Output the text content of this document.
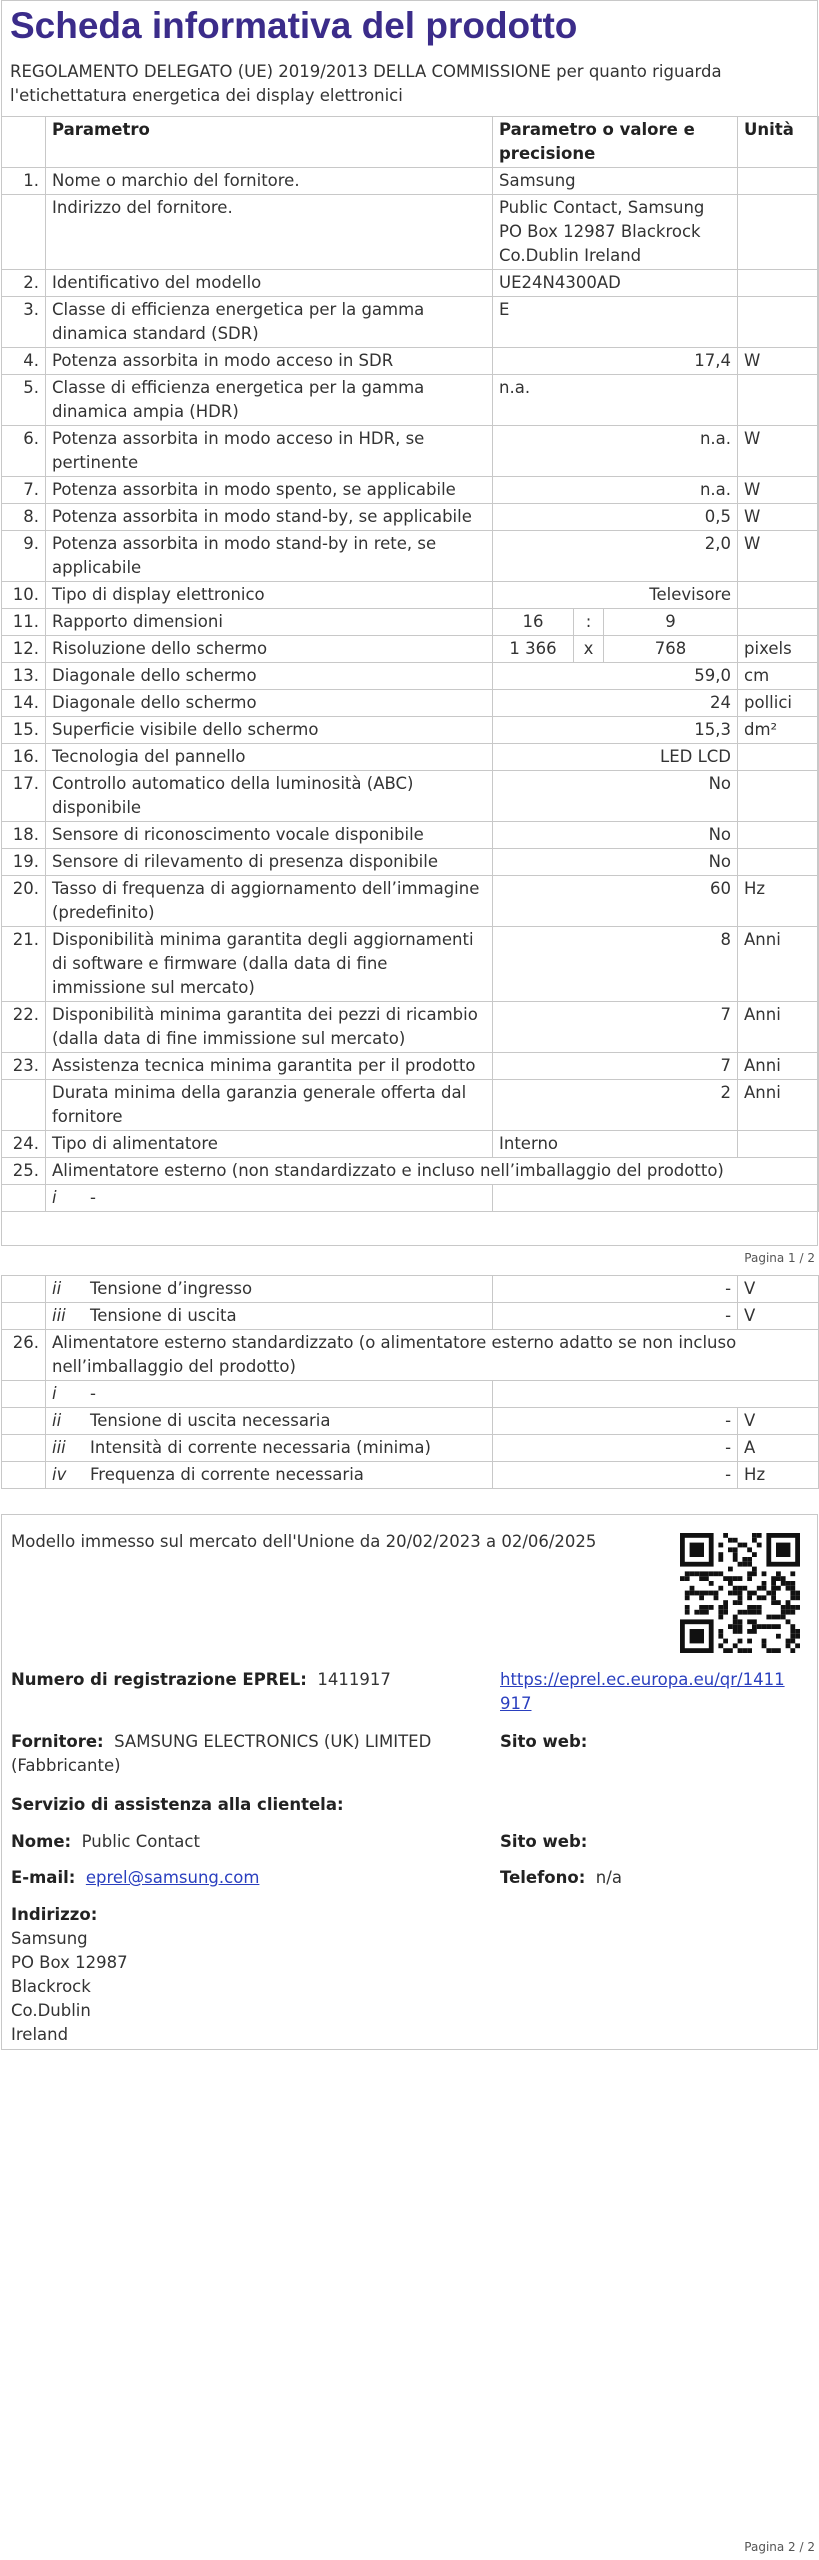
Scheda informativa del prodotto
REGOLAMENTO DELEGATO (UE) 2019/2013 DELLA COMMISSIONE per quanto riguarda l'etichettatura energetica dei display elettronici
	Parametro	Parametro o valore e precisione			Unità
1.	Nome o marchio del fornitore.	Samsung			
	Indirizzo del fornitore.	Public Contact, Samsung PO Box 12987 Blackrock Co.Dublin Ireland			
2.	Identificativo del modello	UE24N4300AD			
3.	Classe di efficienza energetica per la gamma dinamica standard (SDR)	E			
4.	Potenza assorbita in modo acceso in SDR	17,4			W
5.	Classe di efficienza energetica per la gamma dinamica ampia (HDR)	n.a.			
6.	Potenza assorbita in modo acceso in HDR, se pertinente	n.a.			W
7.	Potenza assorbita in modo spento, se applicabile	n.a.			W
8.	Potenza assorbita in modo stand-by, se applicabile	0,5			W
9.	Potenza assorbita in modo stand-by in rete, se applicabile	2,0			W
10.	Tipo di display elettronico	Televisore			
11.	Rapporto dimensioni	16	:	9	
12.	Risoluzione dello schermo	1 366	x	768	pixels
13.	Diagonale dello schermo	59,0			cm
14.	Diagonale dello schermo	24			pollici
15.	Superficie visibile dello schermo	15,3			dm²
16.	Tecnologia del pannello	LED LCD			
17.	Controllo automatico della luminosità (ABC) disponibile	No			
18.	Sensore di riconoscimento vocale disponibile	No			
19.	Sensore di rilevamento di presenza disponibile	No			
20.	Tasso di frequenza di aggiornamento dell’immagine (predefinito)	60			Hz
21.	Disponibilità minima garantita degli aggiornamenti di software e firmware (dalla data di fine immissione sul mercato)	8			Anni
22.	Disponibilità minima garantita dei pezzi di ricambio (dalla data di fine immissione sul mercato)	7			Anni
23.	Assistenza tecnica minima garantita per il prodotto	7			Anni
	Durata minima della garanzia generale offerta dal fornitore	2			Anni
24.	Tipo di alimentatore	Interno			
25.	Alimentatore esterno (non standardizzato e incluso nell’imballaggio del prodotto)				

	i -				

Pagina 1 / 2

	ii Tensione d’ingresso	-	V

	iii Tensione di uscita	-	V
26.	Alimentatore esterno standardizzato (o alimentatore esterno adatto se non incluso nell’imballaggio del prodotto)		

	i -		

	ii Tensione di uscita necessaria	-	V

	iii Intensità di corrente necessaria (minima)	-	A

	iv Frequenza di corrente necessaria	-	Hz
Modello immesso sul mercato dell'Unione da 20/02/2023 a 02/06/2025
Numero di registrazione EPREL: 1411917	https://eprel.ec.europa.eu/qr/1411917
Fornitore: SAMSUNG ELECTRONICS (UK) LIMITED (Fabbricante)
Sito web:
Servizio di assistenza alla clientela:
Nome: Public Contact	Sito web:
E-mail: eprel@samsung.com	Telefono: n/a
Indirizzo:
Samsung
PO Box 12987
Blackrock
Co.Dublin
Ireland
Pagina 2 / 2
